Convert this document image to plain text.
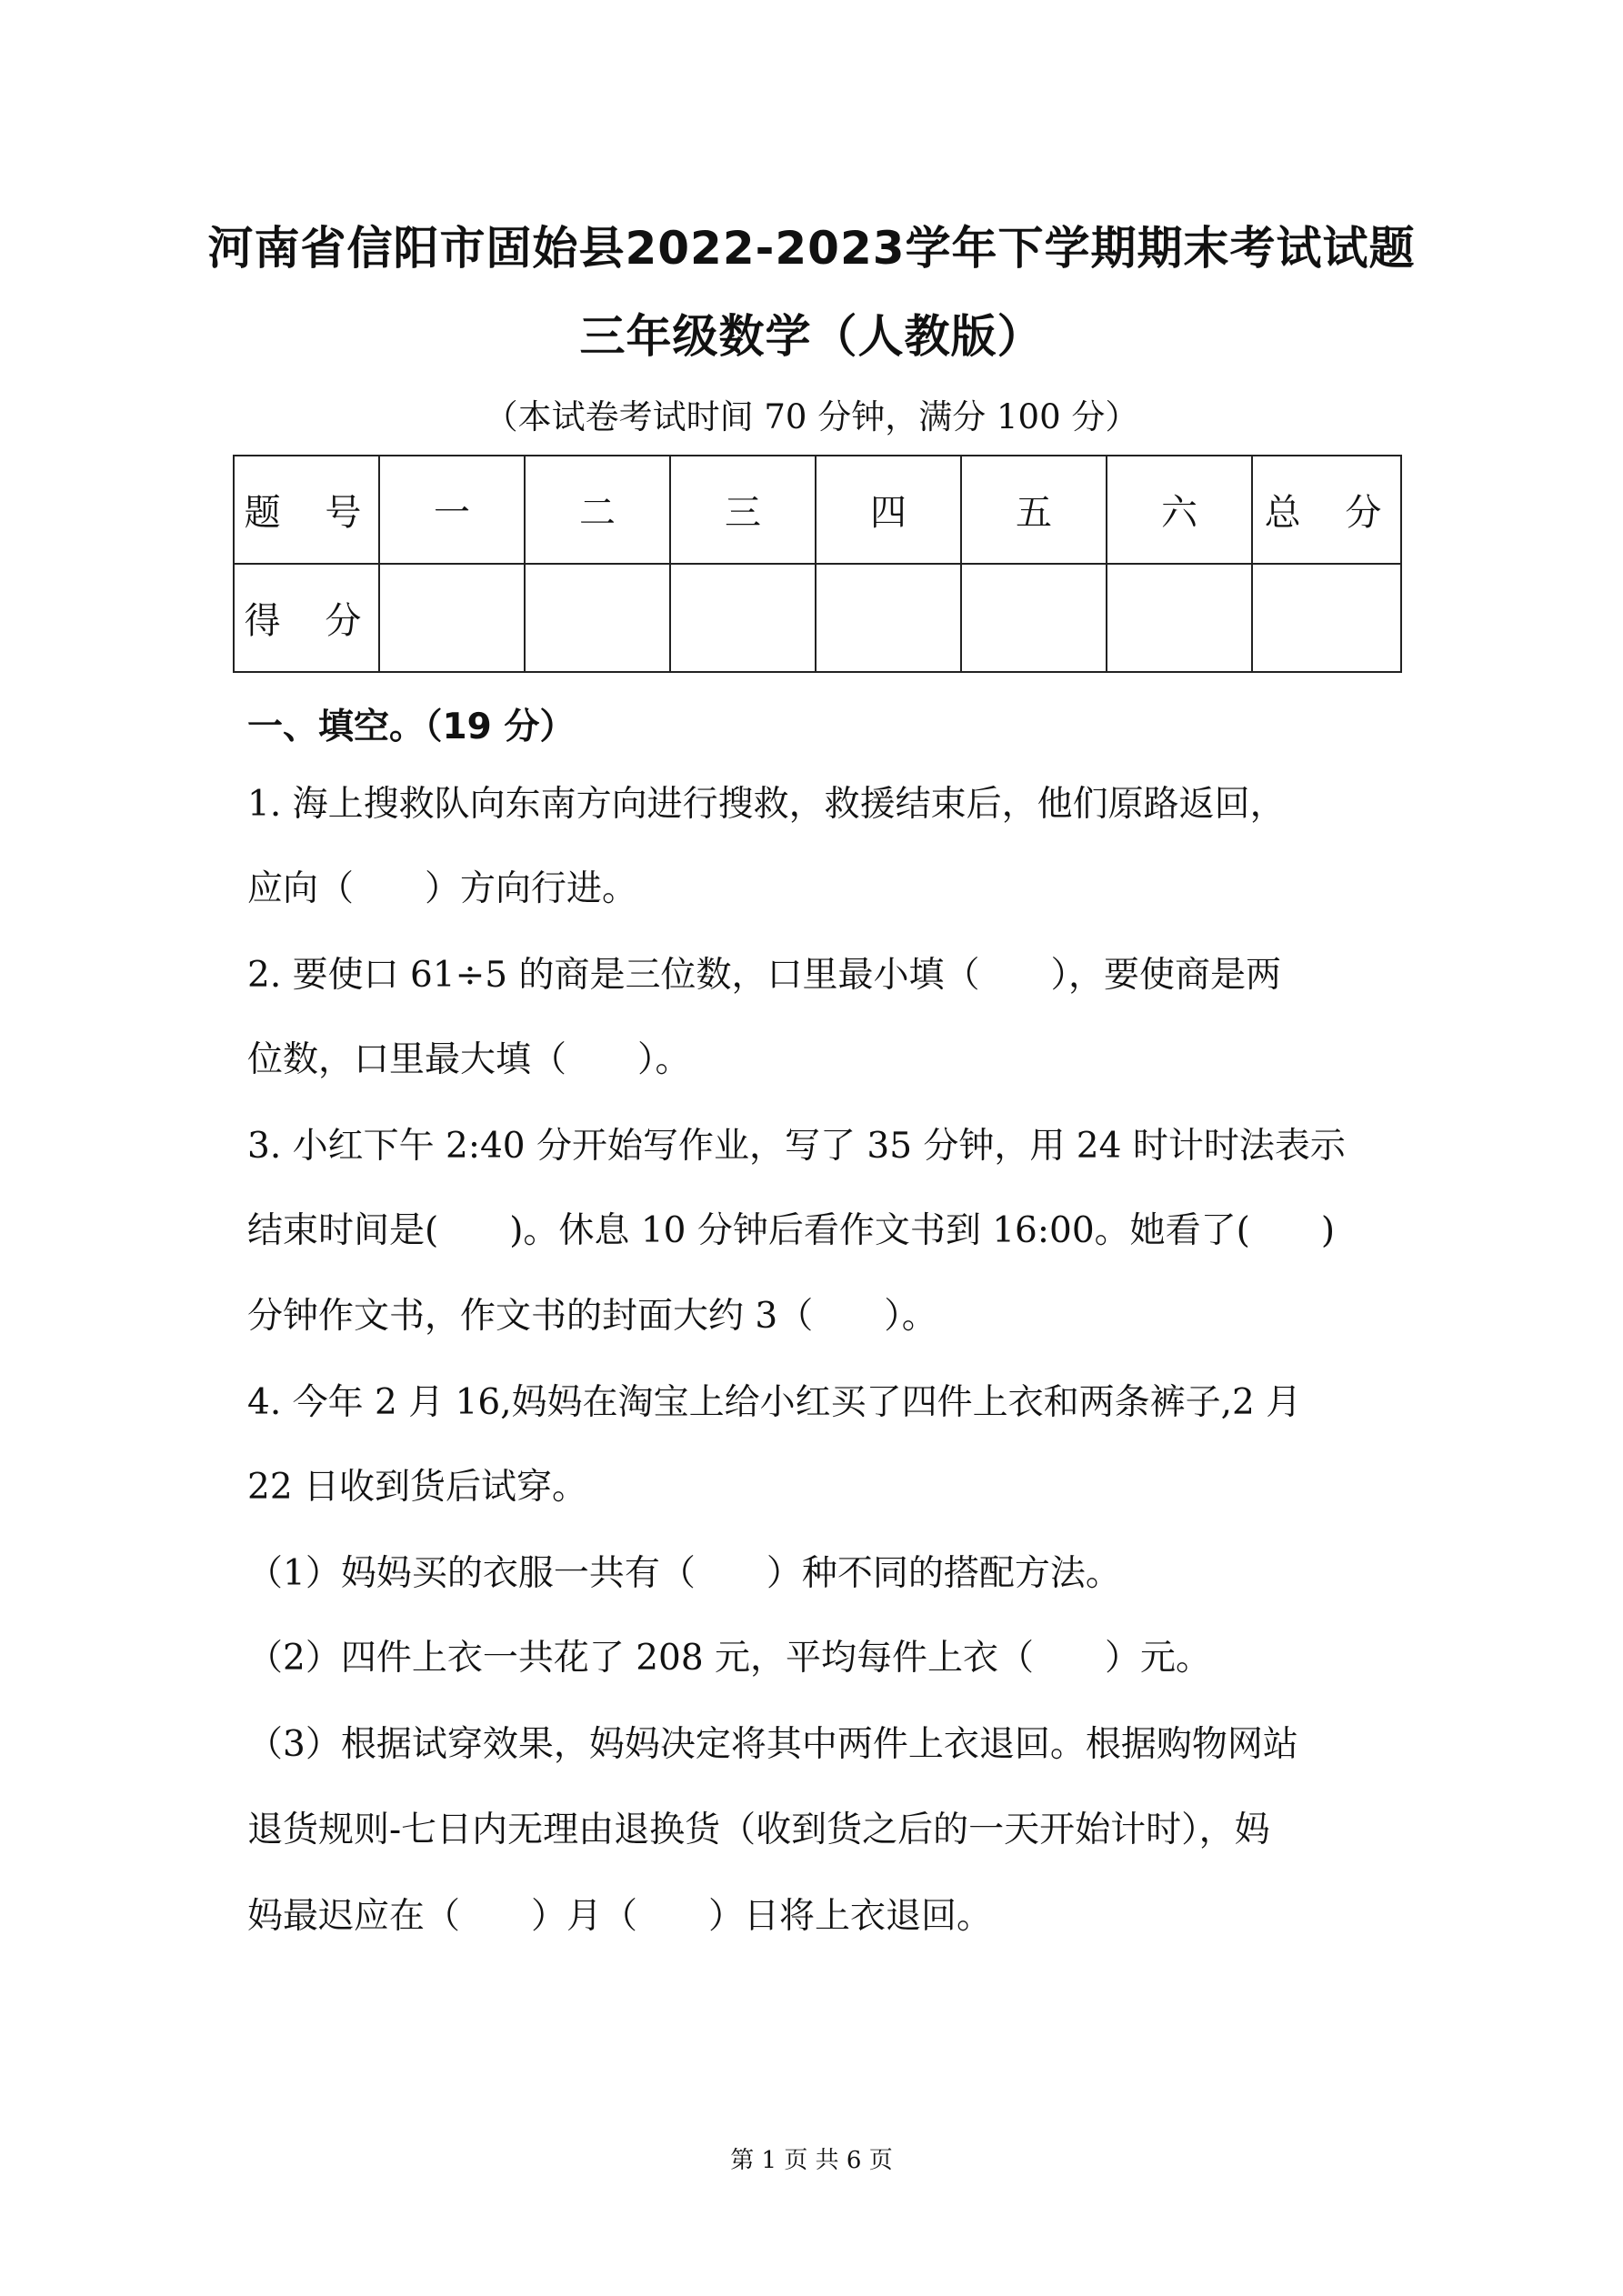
河南省信阳市固始县2022-2023学年下学期期末考试试题
三年级数学（人教版）
（本试卷考试时间 70 分钟，满分 100 分）
题 号	一	二	三	四	五	六	总 分
得 分							
一、填空。（19 分）
1. 海上搜救队向东南方向进行搜救，救援结束后，他们原路返回，
应向（　　）方向行进。
2. 要使口 61÷5 的商是三位数，口里最小填（　　），要使商是两
位数，口里最大填（　　）。
3. 小红下午 2:40 分开始写作业，写了 35 分钟，用 24 时计时法表示
结束时间是(　　)。休息 10 分钟后看作文书到 16:00。她看了(　　)
分钟作文书，作文书的封面大约 3（　　）。
4. 今年 2 月 16,妈妈在淘宝上给小红买了四件上衣和两条裤子,2 月
22 日收到货后试穿。
（1）妈妈买的衣服一共有（　　）种不同的搭配方法。
（2）四件上衣一共花了 208 元，平均每件上衣（　　）元。
（3）根据试穿效果，妈妈决定将其中两件上衣退回。根据购物网站
退货规则-七日内无理由退换货（收到货之后的一天开始计时），妈
妈最迟应在（　　）月（　　）日将上衣退回。
第 1 页 共 6 页
